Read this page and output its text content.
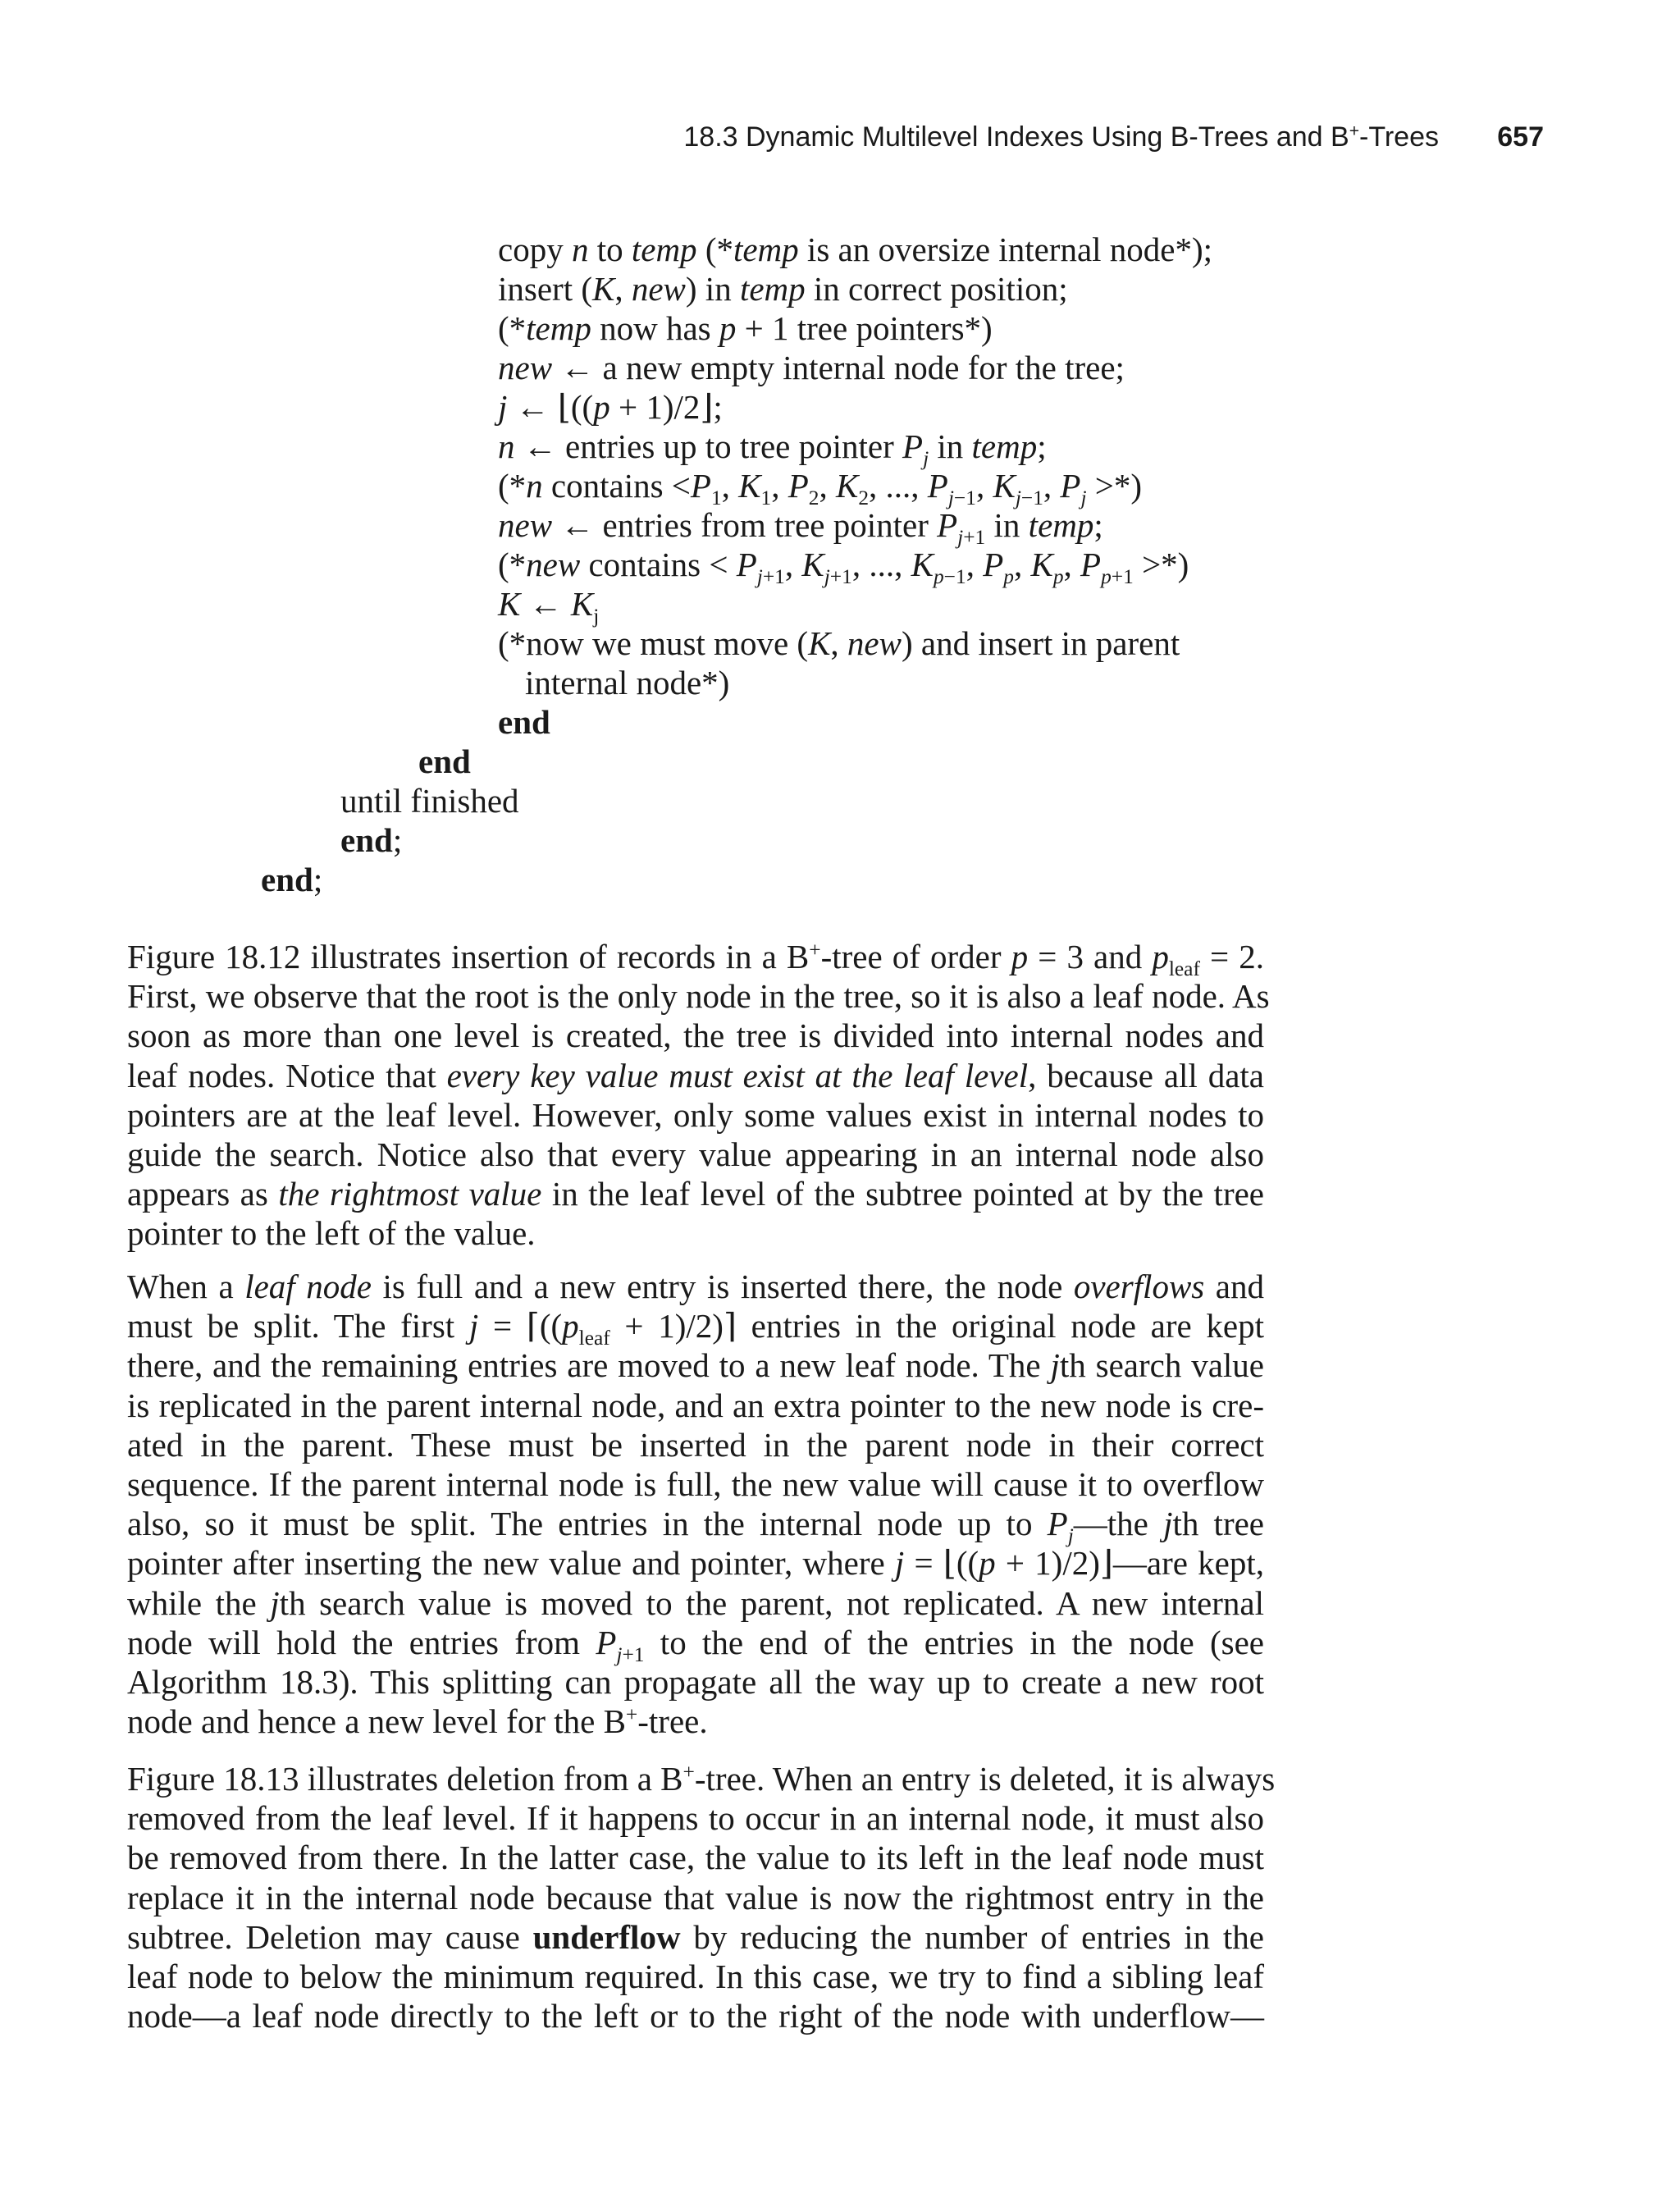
18.3 Dynamic Multilevel Indexes Using B-Trees and B+-Trees 657
copy n to temp (*temp is an oversize internal node*);
insert (K, new) in temp in correct position;
(*temp now has p + 1 tree pointers*)
new ← a new empty internal node for the tree;
j ← ⌊((p + 1)/2⌋;
n ← entries up to tree pointer $P_j$ in temp;
(*n contains $<P_1$, $K_1$, $P_2$, $K_2$, ..., $P_{j-1}$, $K_{j-1}$, $P_j$ >*)
new ← entries from tree pointer $P_{j+1}$ in temp;
(*new contains < $P_{j+1}$, $K_{j+1}$, ..., $K_{p-1}$, $P_p$, $K_p$, $P_{p+1}$ >*)
K ← $K_j$
(*now we must move (K, new) and insert in parent
internal node*)
end
end
until finished
end;
end;
Figure 18.12 illustrates insertion of records in a B+-tree of order p = 3 and $p_{leaf} = 2$.
First, we observe that the root is the only node in the tree, so it is also a leaf node. As
soon as more than one level is created, the tree is divided into internal nodes and
leaf nodes. Notice that every key value must exist at the leaf level, because all data
pointers are at the leaf level. However, only some values exist in internal nodes to
guide the search. Notice also that every value appearing in an internal node also
appears as the rightmost value in the leaf level of the subtree pointed at by the tree
pointer to the left of the value.
When a leaf node is full and a new entry is inserted there, the node overflows and
must be split. The first $j = ⌈((p_{leaf}$ + 1)/2)⌉ entries in the original node are kept
there, and the remaining entries are moved to a new leaf node. The jth search value
is replicated in the parent internal node, and an extra pointer to the new node is cre-
ated in the parent. These must be inserted in the parent node in their correct
sequence. If the parent internal node is full, the new value will cause it to overflow
also, so it must be split. The entries in the internal node up to $P_j—the$ jth tree
pointer after inserting the new value and pointer, where j = ⌊((p + 1)/2)⌋—are kept,
while the jth search value is moved to the parent, not replicated. A new internal
node will hold the entries from $P_{j+1}$ to the end of the entries in the node (see
Algorithm 18.3). This splitting can propagate all the way up to create a new root
node and hence a new level for the B+-tree.
Figure 18.13 illustrates deletion from a B+-tree. When an entry is deleted, it is always
removed from the leaf level. If it happens to occur in an internal node, it must also
be removed from there. In the latter case, the value to its left in the leaf node must
replace it in the internal node because that value is now the rightmost entry in the
subtree. Deletion may cause underflow by reducing the number of entries in the
leaf node to below the minimum required. In this case, we try to find a sibling leaf
node—a leaf node directly to the left or to the right of the node with underflow—
